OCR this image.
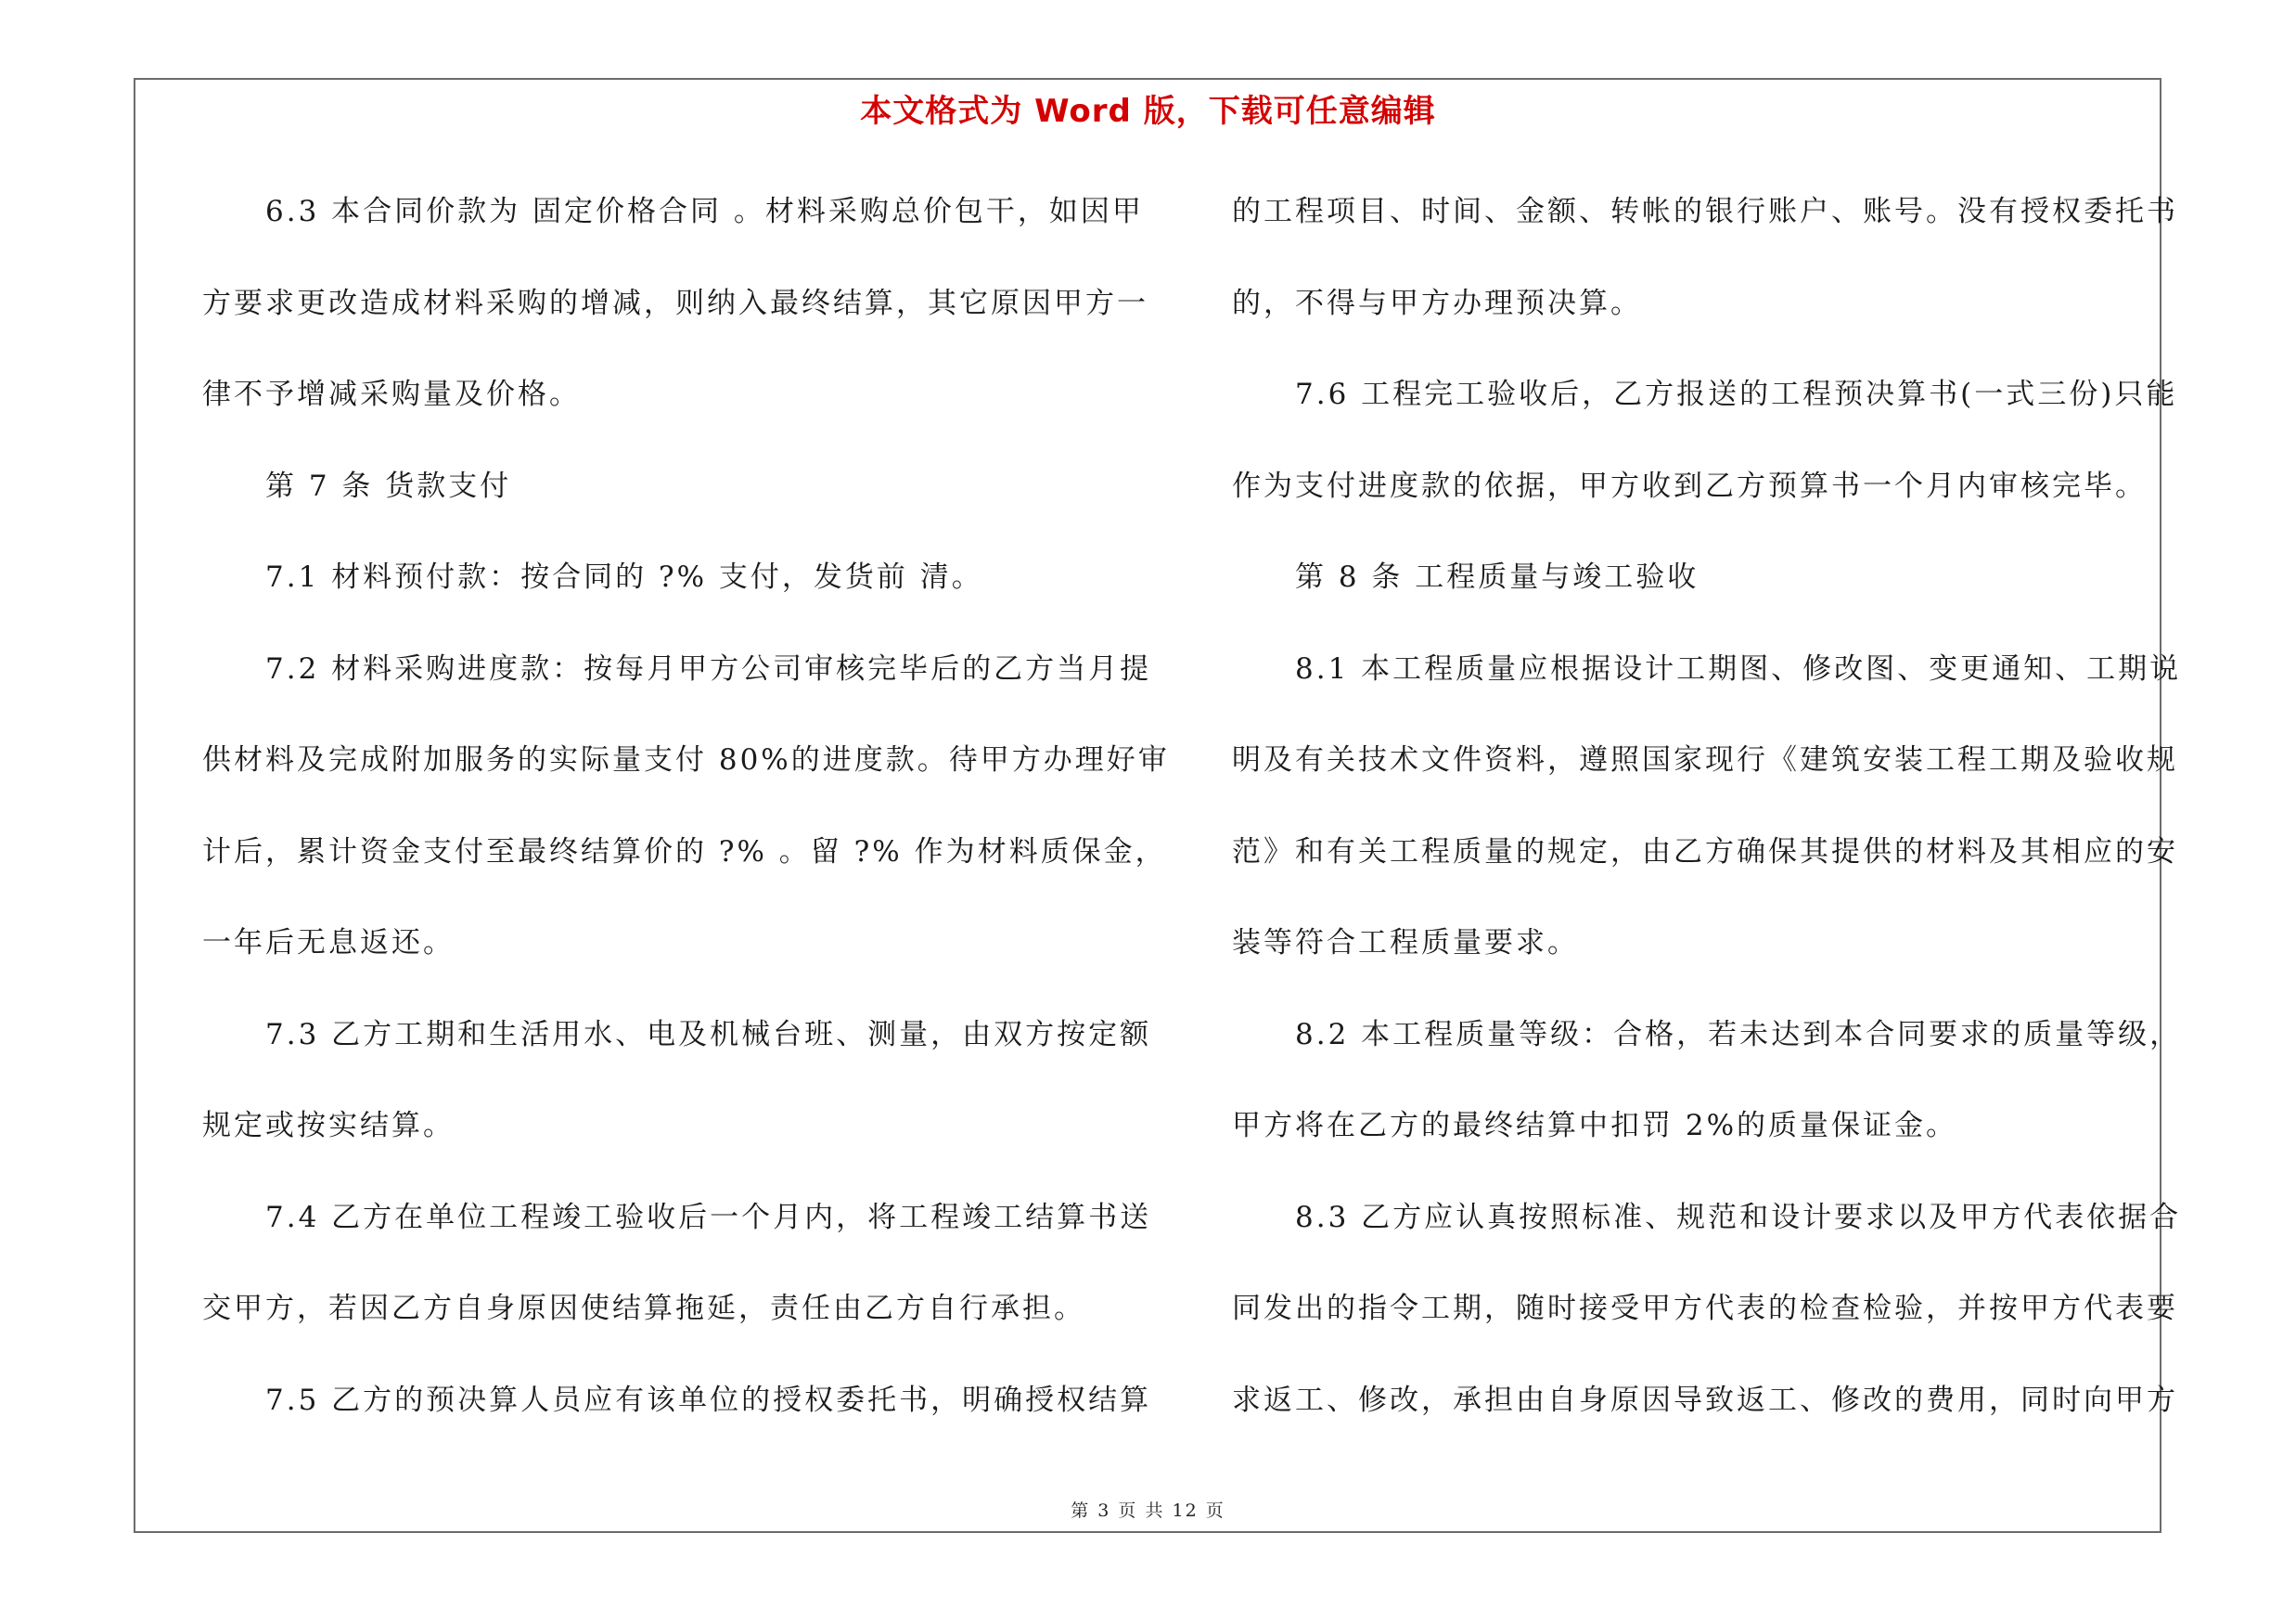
本文格式为 Word 版，下载可任意编辑
6.3 本合同价款为 固定价格合同 。材料采购总价包干，如因甲
方要求更改造成材料采购的增减，则纳入最终结算，其它原因甲方一
律不予增减采购量及价格。
第 7 条 货款支付
7.1 材料预付款：按合同的 ?% 支付，发货前 清。
7.2 材料采购进度款：按每月甲方公司审核完毕后的乙方当月提
供材料及完成附加服务的实际量支付 80%的进度款。待甲方办理好审
计后，累计资金支付至最终结算价的 ?% 。留 ?% 作为材料质保金，
一年后无息返还。
7.3 乙方工期和生活用水、电及机械台班、测量，由双方按定额
规定或按实结算。
7.4 乙方在单位工程竣工验收后一个月内，将工程竣工结算书送
交甲方，若因乙方自身原因使结算拖延，责任由乙方自行承担。
7.5 乙方的预决算人员应有该单位的授权委托书，明确授权结算
的工程项目、时间、金额、转帐的银行账户、账号。没有授权委托书
的，不得与甲方办理预决算。
7.6 工程完工验收后，乙方报送的工程预决算书(一式三份)只能
作为支付进度款的依据，甲方收到乙方预算书一个月内审核完毕。
第 8 条 工程质量与竣工验收
8.1 本工程质量应根据设计工期图、修改图、变更通知、工期说
明及有关技术文件资料，遵照国家现行《建筑安装工程工期及验收规
范》和有关工程质量的规定，由乙方确保其提供的材料及其相应的安
装等符合工程质量要求。
8.2 本工程质量等级：合格，若未达到本合同要求的质量等级，
甲方将在乙方的最终结算中扣罚 2%的质量保证金。
8.3 乙方应认真按照标准、规范和设计要求以及甲方代表依据合
同发出的指令工期，随时接受甲方代表的检查检验，并按甲方代表要
求返工、修改，承担由自身原因导致返工、修改的费用，同时向甲方
第 3 页 共 12 页
